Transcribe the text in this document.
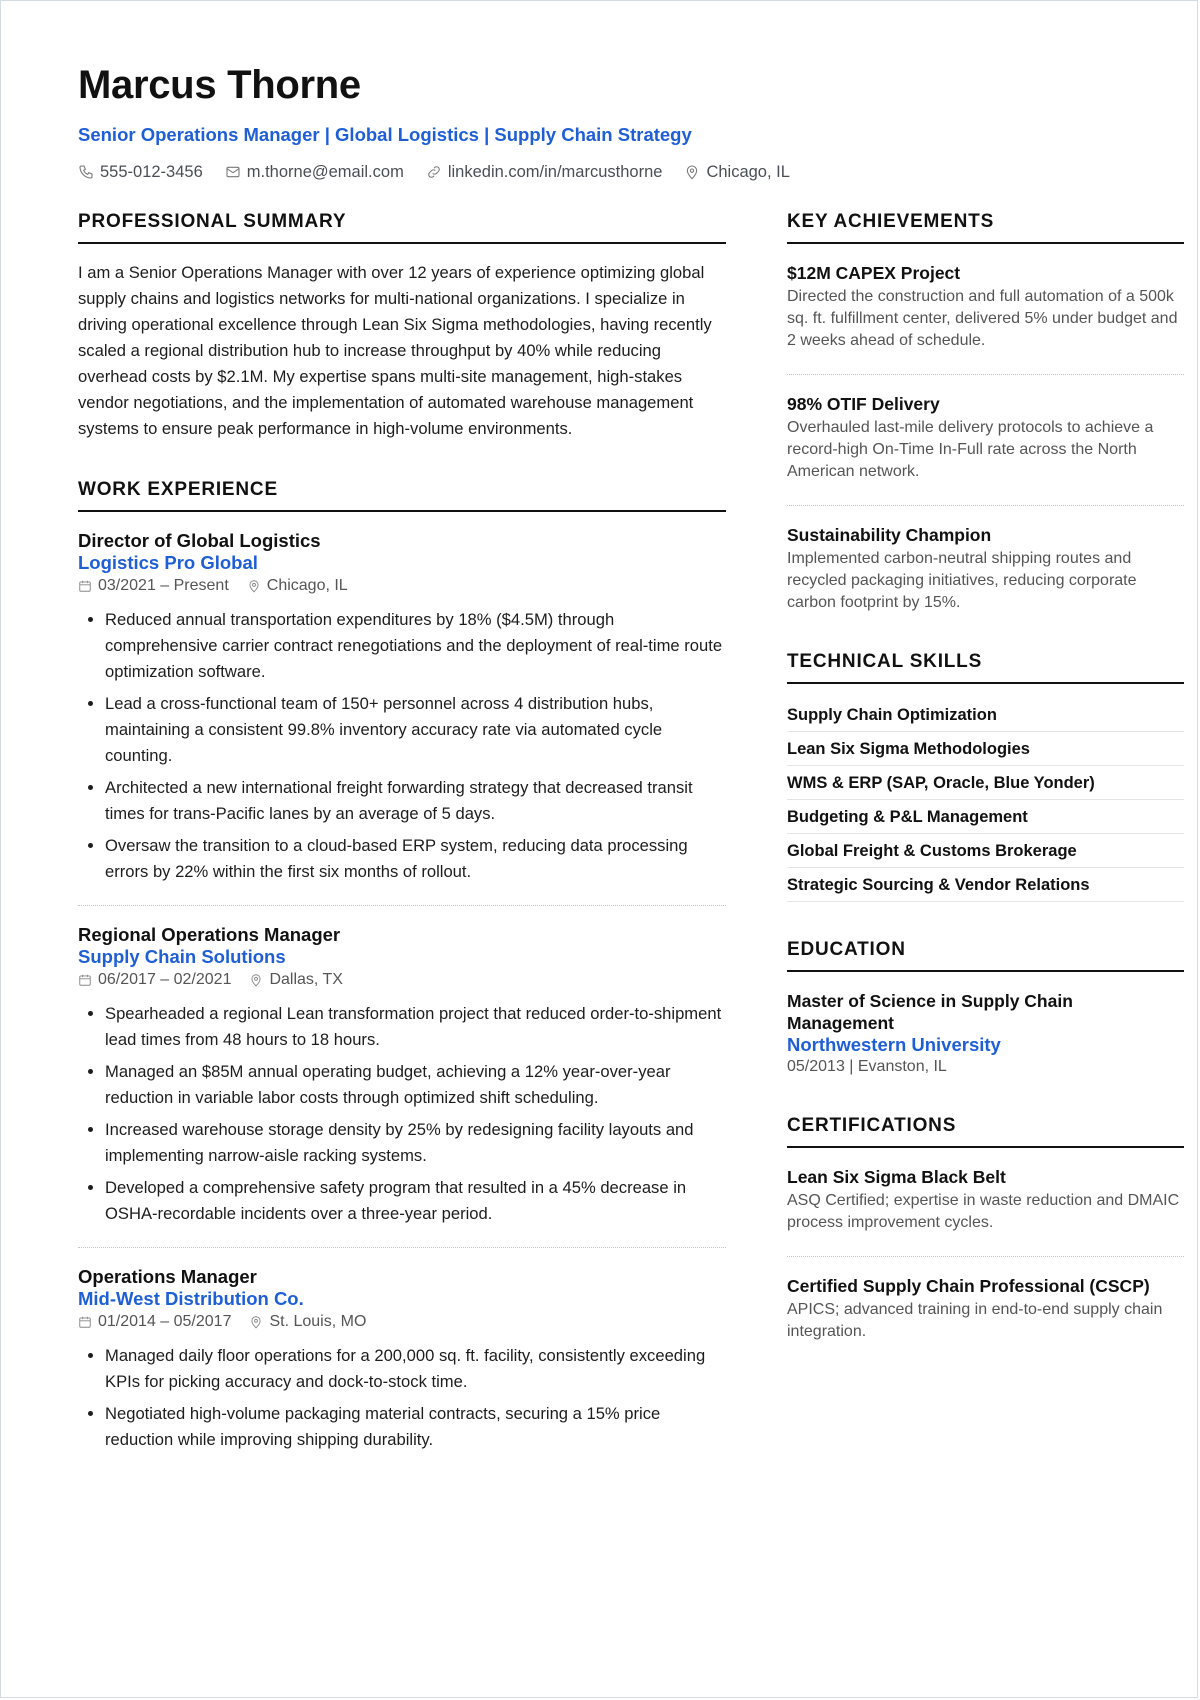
Marcus Thorne
Senior Operations Manager | Global Logistics | Supply Chain Strategy
555-012-3456	m.thorne@email.com	linkedin.com/in/marcusthorne	Chicago, IL
PROFESSIONAL SUMMARY
I am a Senior Operations Manager with over 12 years of experience optimizing global supply chains and logistics networks for multi-national organizations. I specialize in driving operational excellence through Lean Six Sigma methodologies, having recently scaled a regional distribution hub to increase throughput by 40% while reducing overhead costs by $2.1M. My expertise spans multi-site management, high-stakes vendor negotiations, and the implementation of automated warehouse management systems to ensure peak performance in high-volume environments.
WORK EXPERIENCE
Director of Global Logistics
Logistics Pro Global
03/2021 – Present Chicago, IL
• Reduced annual transportation expenditures by 18% ($4.5M) through comprehensive carrier contract renegotiations and the deployment of real-time route optimization software.
• Lead a cross-functional team of 150+ personnel across 4 distribution hubs, maintaining a consistent 99.8% inventory accuracy rate via automated cycle counting.
• Architected a new international freight forwarding strategy that decreased transit times for trans-Pacific lanes by an average of 5 days.
• Oversaw the transition to a cloud-based ERP system, reducing data processing errors by 22% within the first six months of rollout.
Regional Operations Manager
Supply Chain Solutions
06/2017 – 02/2021 Dallas, TX
• Spearheaded a regional Lean transformation project that reduced order-to-shipment lead times from 48 hours to 18 hours.
• Managed an $85M annual operating budget, achieving a 12% year-over-year reduction in variable labor costs through optimized shift scheduling.
• Increased warehouse storage density by 25% by redesigning facility layouts and implementing narrow-aisle racking systems.
• Developed a comprehensive safety program that resulted in a 45% decrease in OSHA-recordable incidents over a three-year period.
Operations Manager
Mid-West Distribution Co.
01/2014 – 05/2017 St. Louis, MO
• Managed daily floor operations for a 200,000 sq. ft. facility, consistently exceeding KPIs for picking accuracy and dock-to-stock time.
• Negotiated high-volume packaging material contracts, securing a 15% price reduction while improving shipping durability.
KEY ACHIEVEMENTS
$12M CAPEX Project
Directed the construction and full automation of a 500k sq. ft. fulfillment center, delivered 5% under budget and 2 weeks ahead of schedule.
98% OTIF Delivery
Overhauled last-mile delivery protocols to achieve a record-high On-Time In-Full rate across the North American network.
Sustainability Champion
Implemented carbon-neutral shipping routes and recycled packaging initiatives, reducing corporate carbon footprint by 15%.
TECHNICAL SKILLS
Supply Chain Optimization
Lean Six Sigma Methodologies
WMS & ERP (SAP, Oracle, Blue Yonder)
Budgeting & P&L Management
Global Freight & Customs Brokerage
Strategic Sourcing & Vendor Relations
EDUCATION
Master of Science in Supply Chain Management
Northwestern University
05/2013 | Evanston, IL
CERTIFICATIONS
Lean Six Sigma Black Belt
ASQ Certified; expertise in waste reduction and DMAIC process improvement cycles.
Certified Supply Chain Professional (CSCP)
APICS; advanced training in end-to-end supply chain integration.
